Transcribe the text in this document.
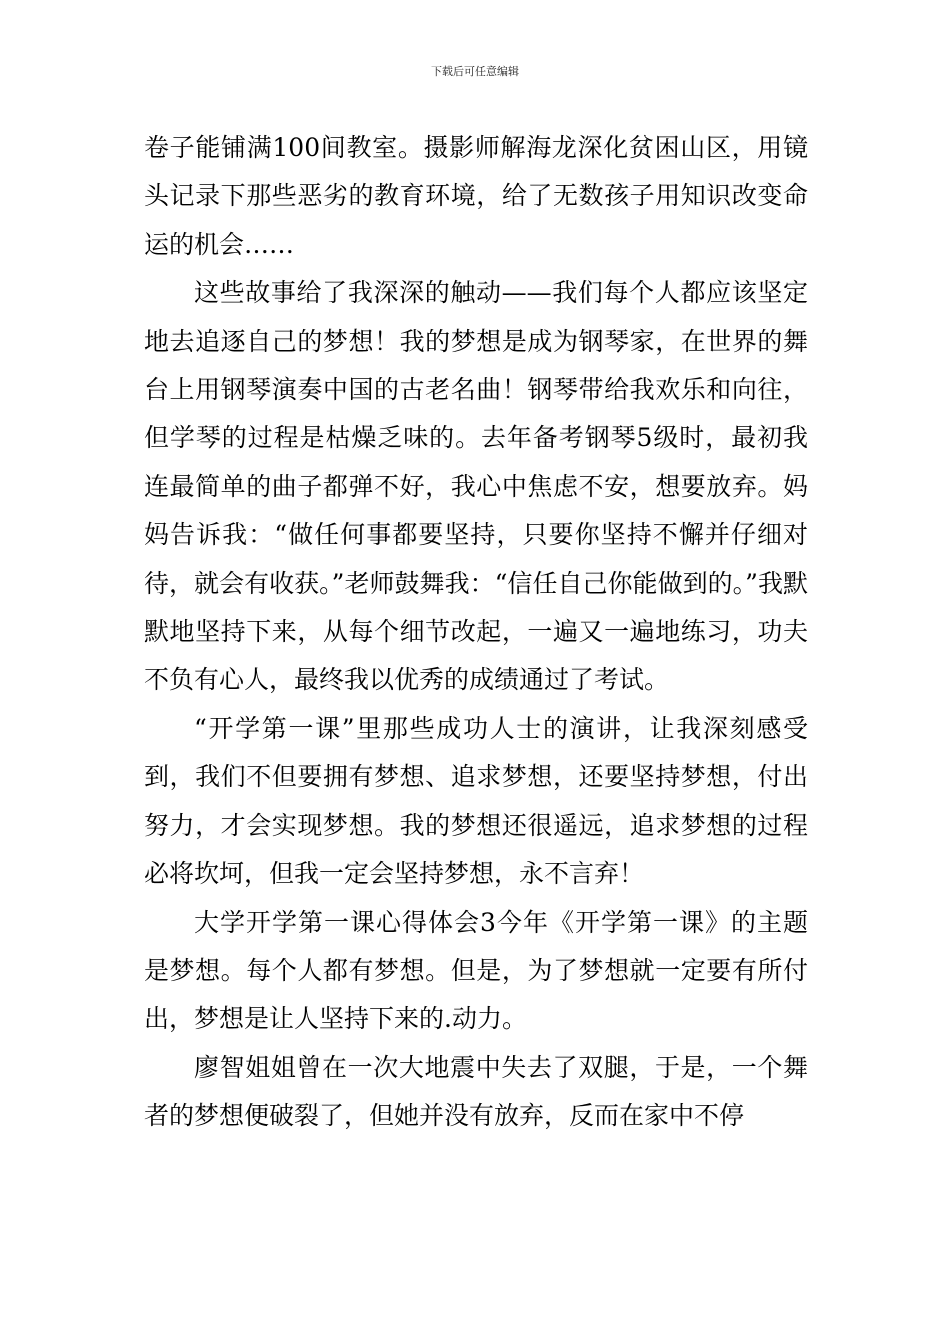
下载后可任意编辑

卷子能铺满100间教室。摄影师解海龙深化贫困山区，用镜头记录下那些恶劣的教育环境，给了无数孩子用知识改变命运的机会……

这些故事给了我深深的触动——我们每个人都应该坚定地去追逐自己的梦想！我的梦想是成为钢琴家，在世界的舞台上用钢琴演奏中国的古老名曲！钢琴带给我欢乐和向往，但学琴的过程是枯燥乏味的。去年备考钢琴5级时，最初我连最简单的曲子都弹不好，我心中焦虑不安，想要放弃。妈妈告诉我：“做任何事都要坚持，只要你坚持不懈并仔细对待，就会有收获。”老师鼓舞我：“信任自己你能做到的。”我默默地坚持下来，从每个细节改起，一遍又一遍地练习，功夫不负有心人，最终我以优秀的成绩通过了考试。

“开学第一课”里那些成功人士的演讲，让我深刻感受到，我们不但要拥有梦想、追求梦想，还要坚持梦想，付出努力，才会实现梦想。我的梦想还很遥远，追求梦想的过程必将坎坷，但我一定会坚持梦想，永不言弃！

大学开学第一课心得体会3今年《开学第一课》的主题是梦想。每个人都有梦想。但是，为了梦想就一定要有所付出，梦想是让人坚持下来的.动力。

廖智姐姐曾在一次大地震中失去了双腿，于是，一个舞者的梦想便破裂了，但她并没有放弃，反而在家中不停
